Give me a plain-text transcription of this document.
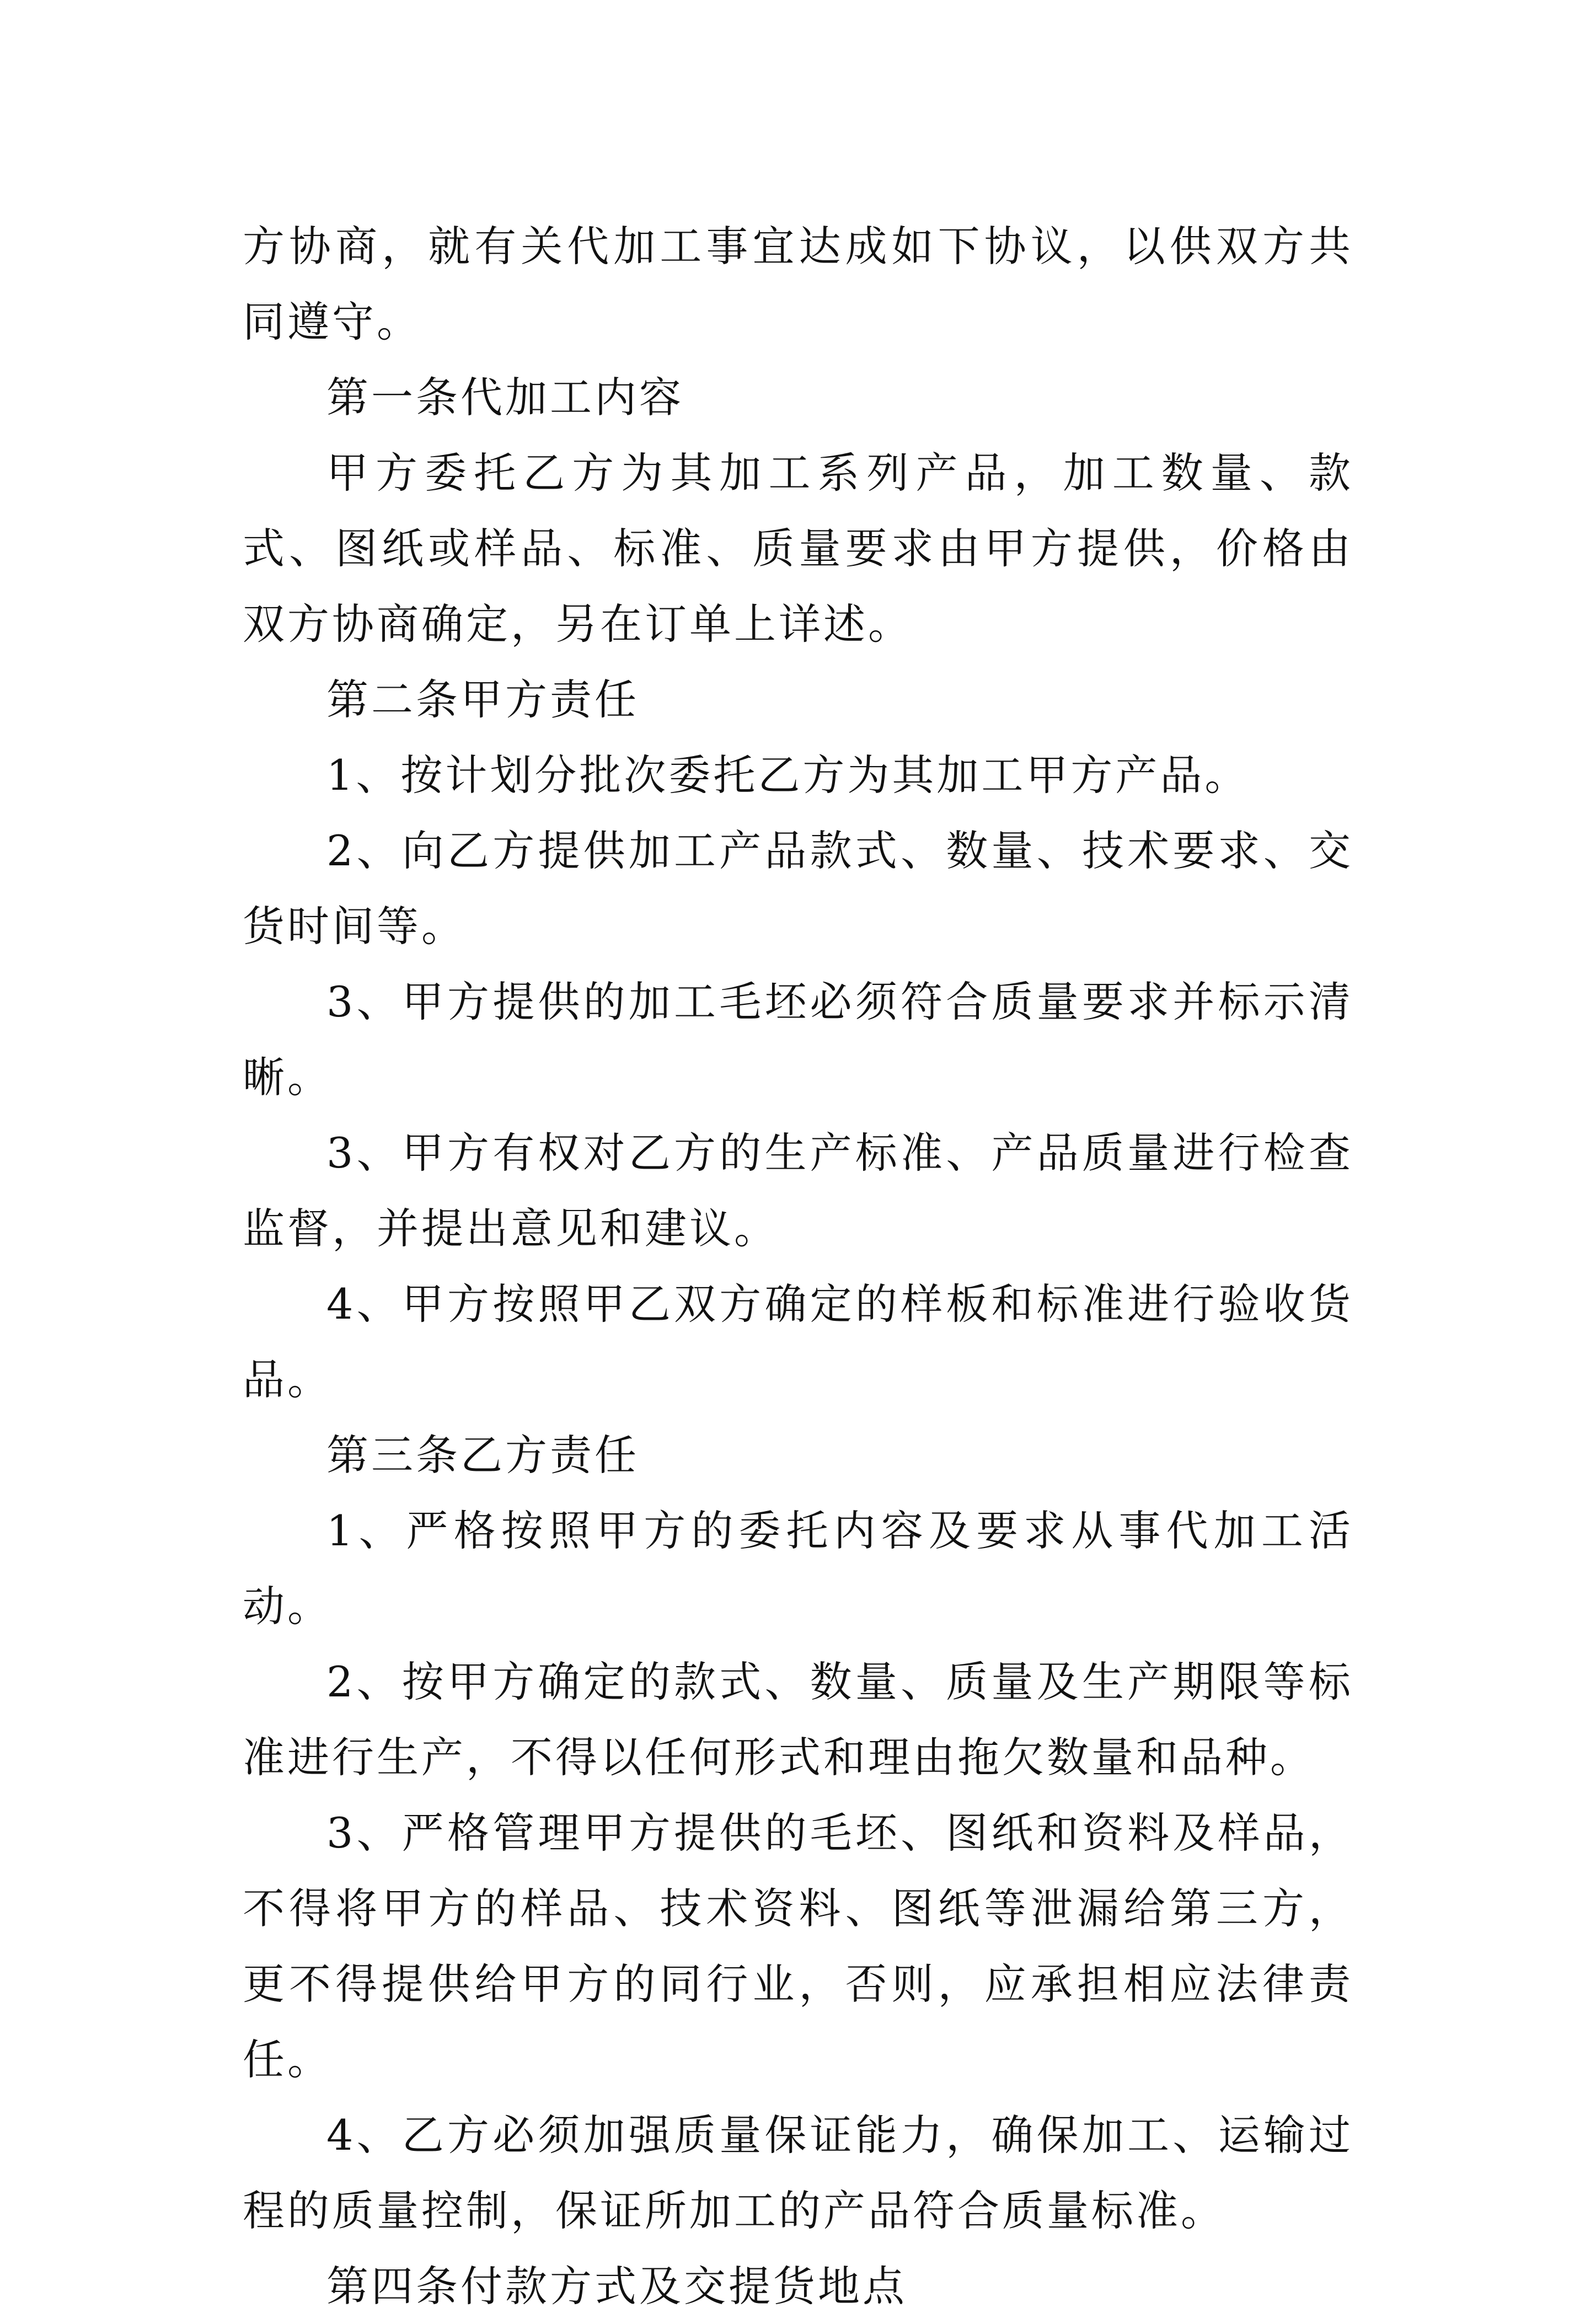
方协商，就有关代加工事宜达成如下协议，以供双方共同遵守。

第一条代加工内容

甲方委托乙方为其加工系列产品，加工数量、款式、图纸或样品、标准、质量要求由甲方提供，价格由双方协商确定，另在订单上详述。

第二条甲方责任

1、按计划分批次委托乙方为其加工甲方产品。

2、向乙方提供加工产品款式、数量、技术要求、交货时间等。

3、甲方提供的加工毛坯必须符合质量要求并标示清晰。

3、甲方有权对乙方的生产标准、产品质量进行检查监督，并提出意见和建议。

4、甲方按照甲乙双方确定的样板和标准进行验收货品。

第三条乙方责任

1、严格按照甲方的委托内容及要求从事代加工活动。

2、按甲方确定的款式、数量、质量及生产期限等标准进行生产，不得以任何形式和理由拖欠数量和品种。

3、严格管理甲方提供的毛坯、图纸和资料及样品，不得将甲方的样品、技术资料、图纸等泄漏给第三方，更不得提供给甲方的同行业，否则，应承担相应法律责任。

4、乙方必须加强质量保证能力，确保加工、运输过程的质量控制，保证所加工的产品符合质量标准。

第四条付款方式及交提货地点
